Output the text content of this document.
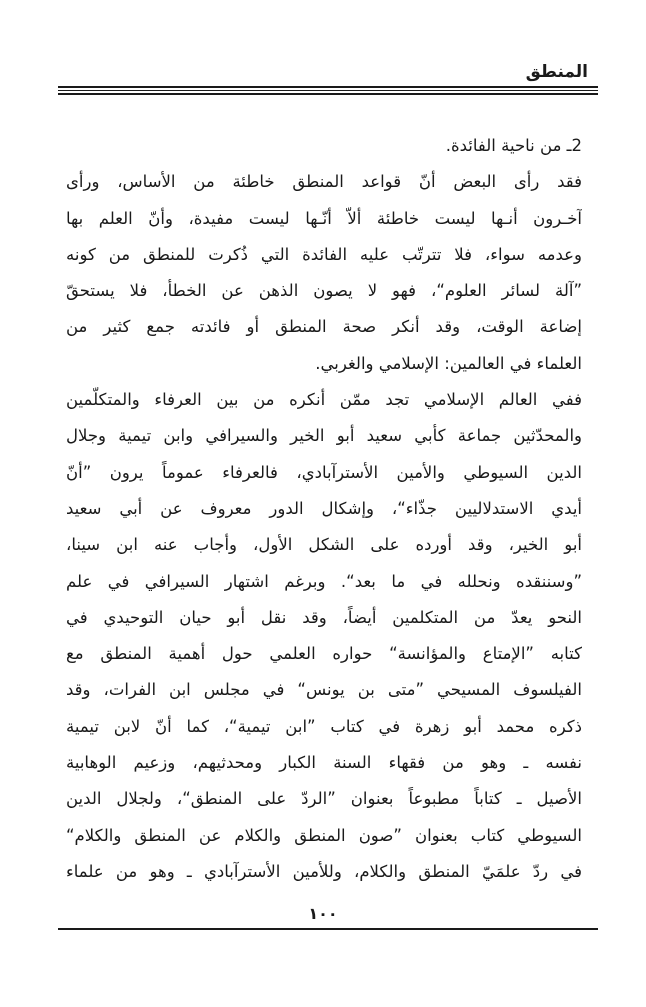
المنطق
2ـ من ناحية الفائدة.
فقد رأى البعض أنّ قواعد المنطق خاطئة من الأساس، ورأى
آخـرون أنـها ليست خاطئة ألاّ أنّـها ليست مفيدة، وأنّ العلم بها
وعدمه سواء، فلا تترتّب عليه الفائدة التي ذُكرت للمنطق من كونه
”آلة لسائر العلوم“، فهو لا يصون الذهن عن الخطأ، فلا يستحقّ
إضاعة الوقت، وقد أنكر صحة المنطق أو فائدته جمع كثير من
العلماء في العالمين: الإسلامي والغربي.
ففي العالم الإسلامي تجد ممّن أنكره من بين العرفاء والمتكلّمين
والمحدّثين جماعة كأبي سعيد أبو الخير والسيرافي وابن تيمية وجلال
الدين السيوطي والأمين الأسترآبادي، فالعرفاء عموماً يرون ”أنّ
أيدي الاستدلاليين جذّاء“، وإشكال الدور معروف عن أبي سعيد
أبو الخير، وقد أورده على الشكل الأول، وأجاب عنه ابن سينا،
”وسننقده ونحلله في ما بعد“. وبرغم اشتهار السيرافي في علم
النحو يعدّ من المتكلمين أيضاً، وقد نقل أبو حيان التوحيدي في
كتابه ”الإمتاع والمؤانسة“ حواره العلمي حول أهمية المنطق مع
الفيلسوف المسيحي ”متى بن يونس“ في مجلس ابن الفرات، وقد
ذكره محمد أبو زهرة في كتاب ”ابن تيمية“، كما أنّ لابن تيمية
نفسه ـ وهو من فقهاء السنة الكبار ومحدثيهم، وزعيم الوهابية
الأصيل ـ كتاباً مطبوعاً بعنوان ”الردّ على المنطق“، ولجلال الدين
السيوطي كتاب بعنوان ”صون المنطق والكلام عن المنطق والكلام“
في ردّ علمَيّ المنطق والكلام، وللأمين الأسترآبادي ـ وهو من علماء
١٠٠
